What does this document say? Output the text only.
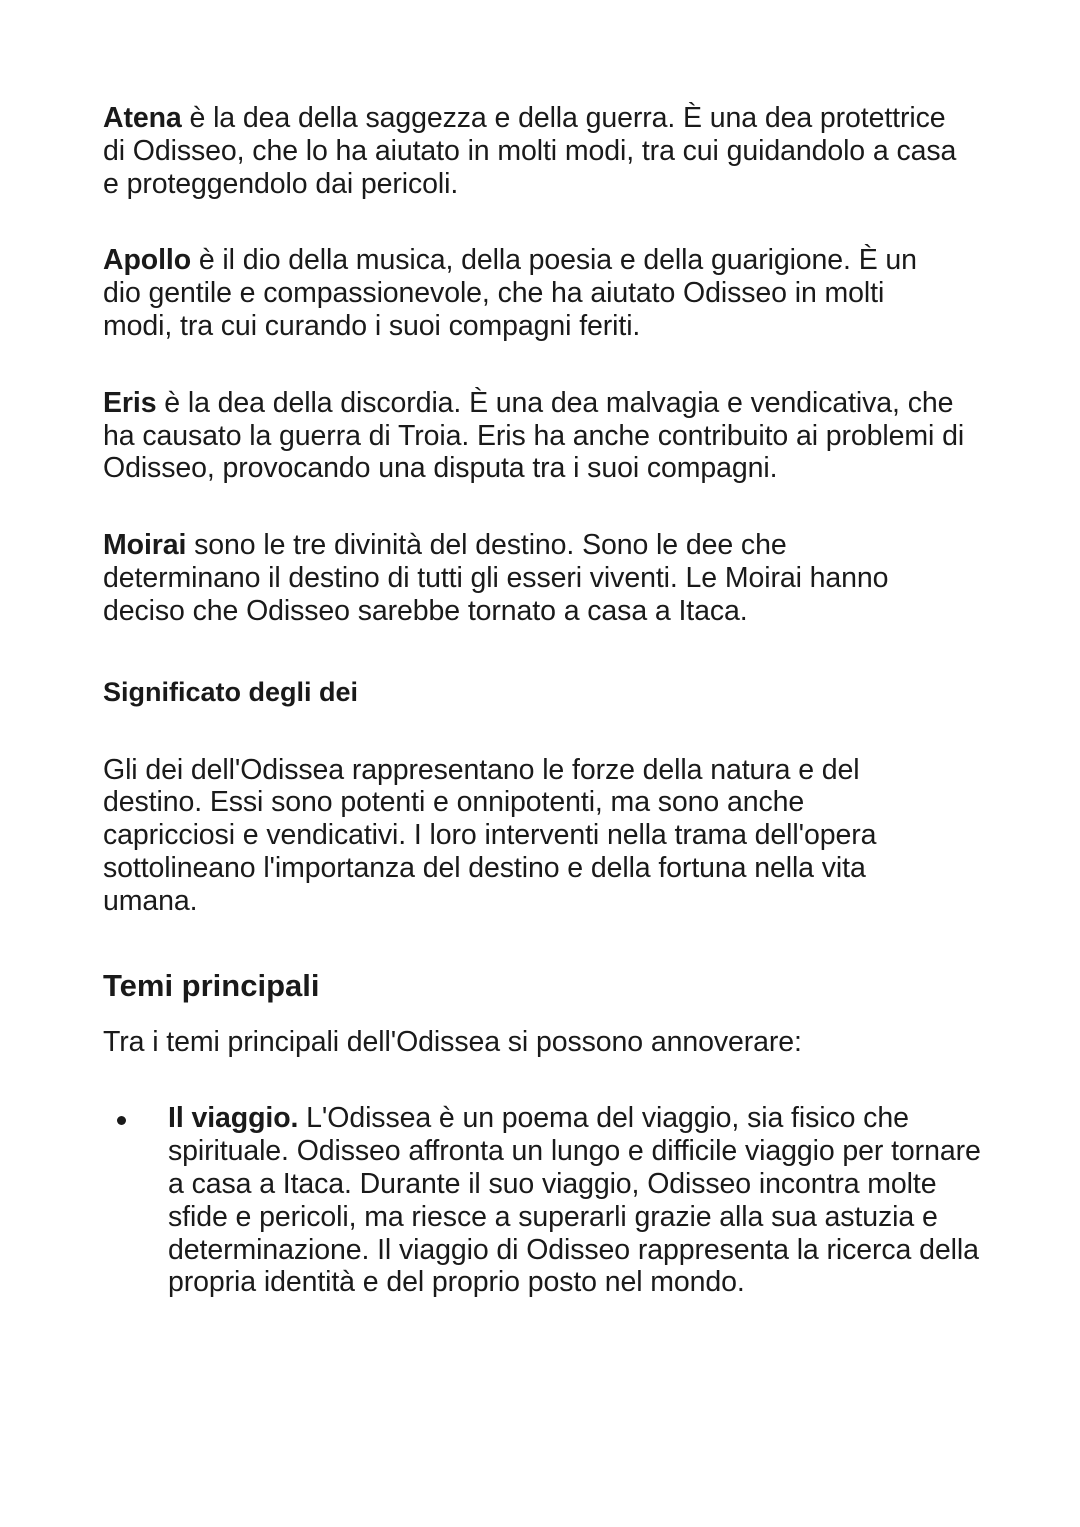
Atena è la dea della saggezza e della guerra. È una dea protettrice di Odisseo, che lo ha aiutato in molti modi, tra cui guidandolo a casa e proteggendolo dai pericoli.

Apollo è il dio della musica, della poesia e della guarigione. È un dio gentile e compassionevole, che ha aiutato Odisseo in molti modi, tra cui curando i suoi compagni feriti.

Eris è la dea della discordia. È una dea malvagia e vendicativa, che ha causato la guerra di Troia. Eris ha anche contribuito ai problemi di Odisseo, provocando una disputa tra i suoi compagni.

Moirai sono le tre divinità del destino. Sono le dee che determinano il destino di tutti gli esseri viventi. Le Moirai hanno deciso che Odisseo sarebbe tornato a casa a Itaca.

Significato degli dei

Gli dei dell'Odissea rappresentano le forze della natura e del destino. Essi sono potenti e onnipotenti, ma sono anche capricciosi e vendicativi. I loro interventi nella trama dell'opera sottolineano l'importanza del destino e della fortuna nella vita umana.

Temi principali

Tra i temi principali dell'Odissea si possono annoverare:

Il viaggio. L'Odissea è un poema del viaggio, sia fisico che spirituale. Odisseo affronta un lungo e difficile viaggio per tornare a casa a Itaca. Durante il suo viaggio, Odisseo incontra molte sfide e pericoli, ma riesce a superarli grazie alla sua astuzia e determinazione. Il viaggio di Odisseo rappresenta la ricerca della propria identità e del proprio posto nel mondo.
